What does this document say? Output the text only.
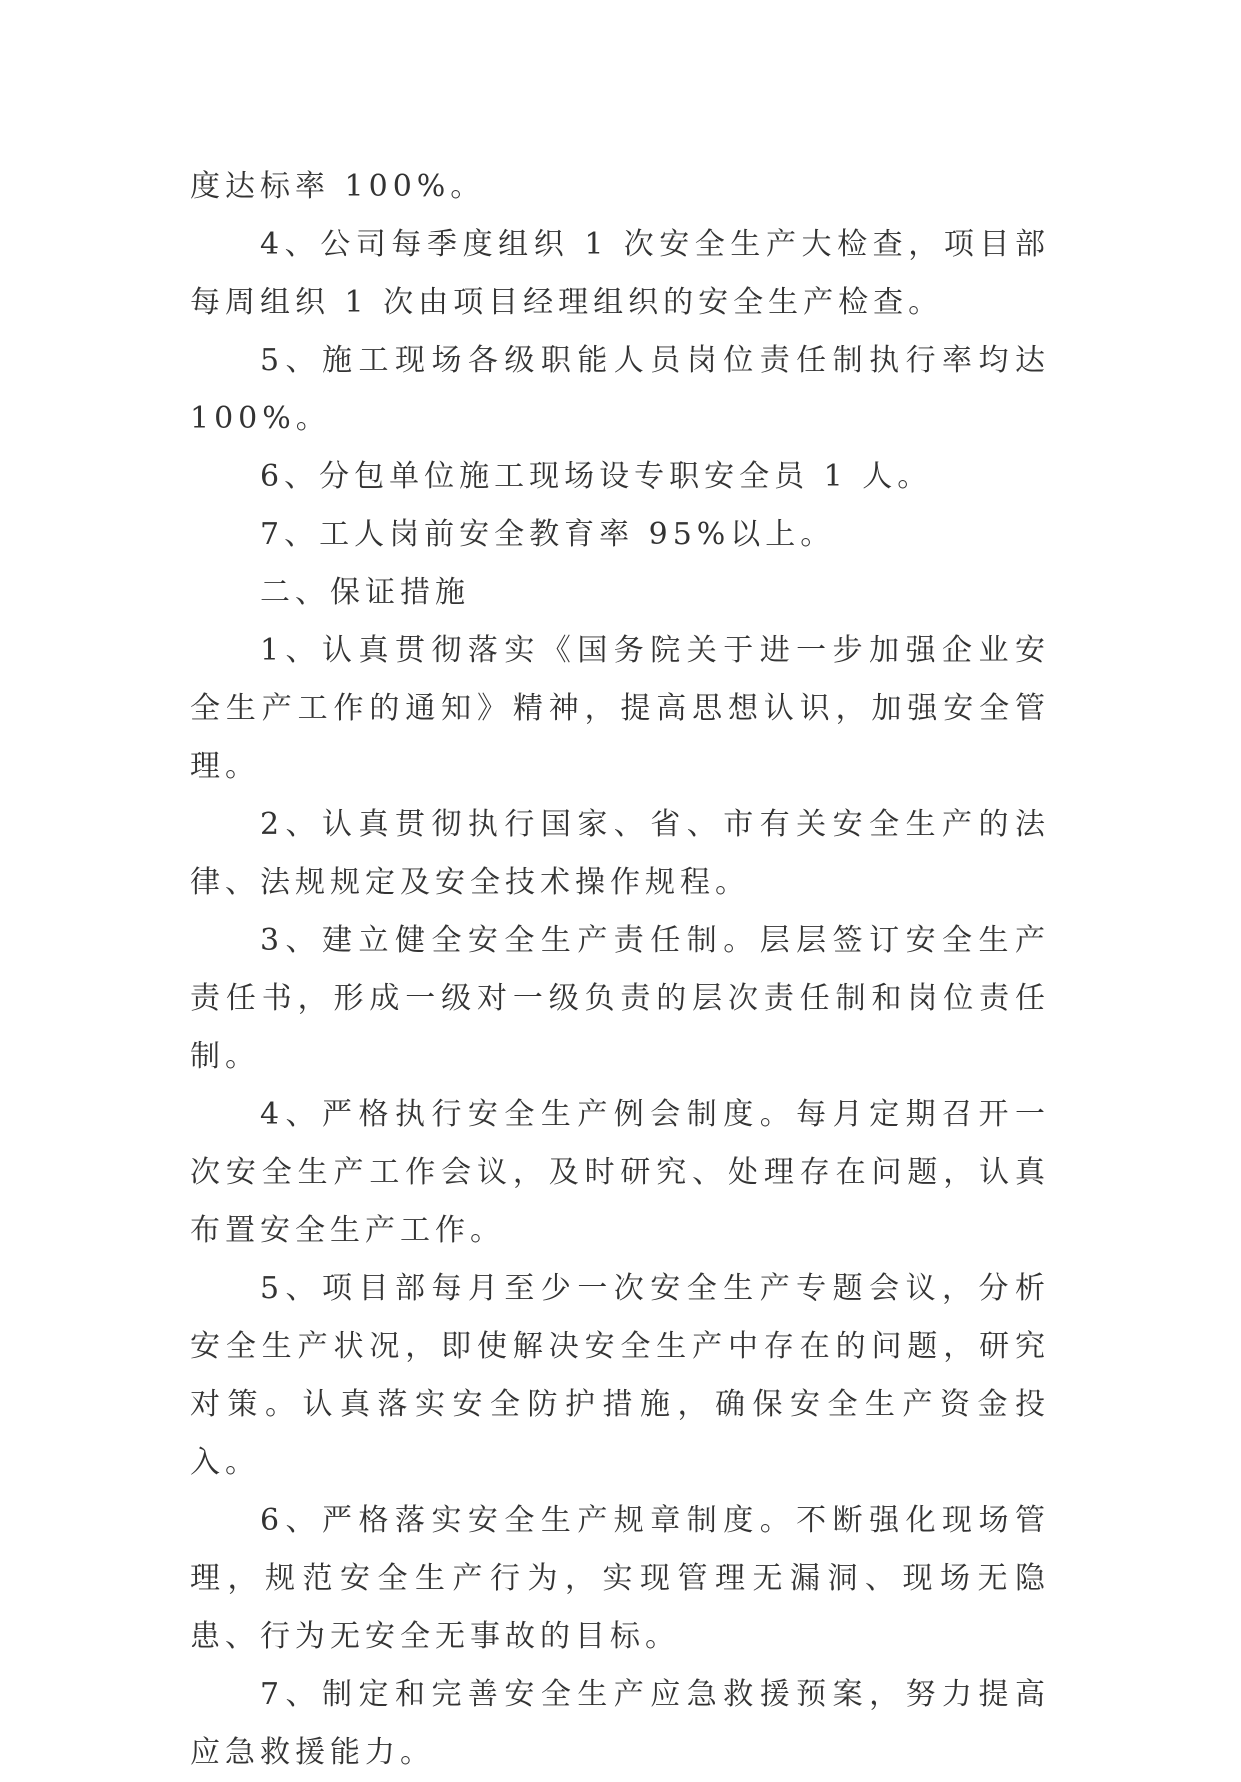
度达标率 100%。

4、公司每季度组织 1 次安全生产大检查，项目部每周组织 1 次由项目经理组织的安全生产检查。

5、施工现场各级职能人员岗位责任制执行率均达 100%。

6、分包单位施工现场设专职安全员 1 人。

7、工人岗前安全教育率 95%以上。

二、保证措施

1、认真贯彻落实《国务院关于进一步加强企业安全生产工作的通知》精神，提高思想认识，加强安全管理。

2、认真贯彻执行国家、省、市有关安全生产的法律、法规规定及安全技术操作规程。

3、建立健全安全生产责任制。层层签订安全生产责任书，形成一级对一级负责的层次责任制和岗位责任制。

4、严格执行安全生产例会制度。每月定期召开一次安全生产工作会议，及时研究、处理存在问题，认真布置安全生产工作。

5、项目部每月至少一次安全生产专题会议，分析安全生产状况，即使解决安全生产中存在的问题，研究对策。认真落实安全防护措施，确保安全生产资金投入。

6、严格落实安全生产规章制度。不断强化现场管理，规范安全生产行为，实现管理无漏洞、现场无隐患、行为无安全无事故的目标。

7、制定和完善安全生产应急救援预案，努力提高应急救援能力。
